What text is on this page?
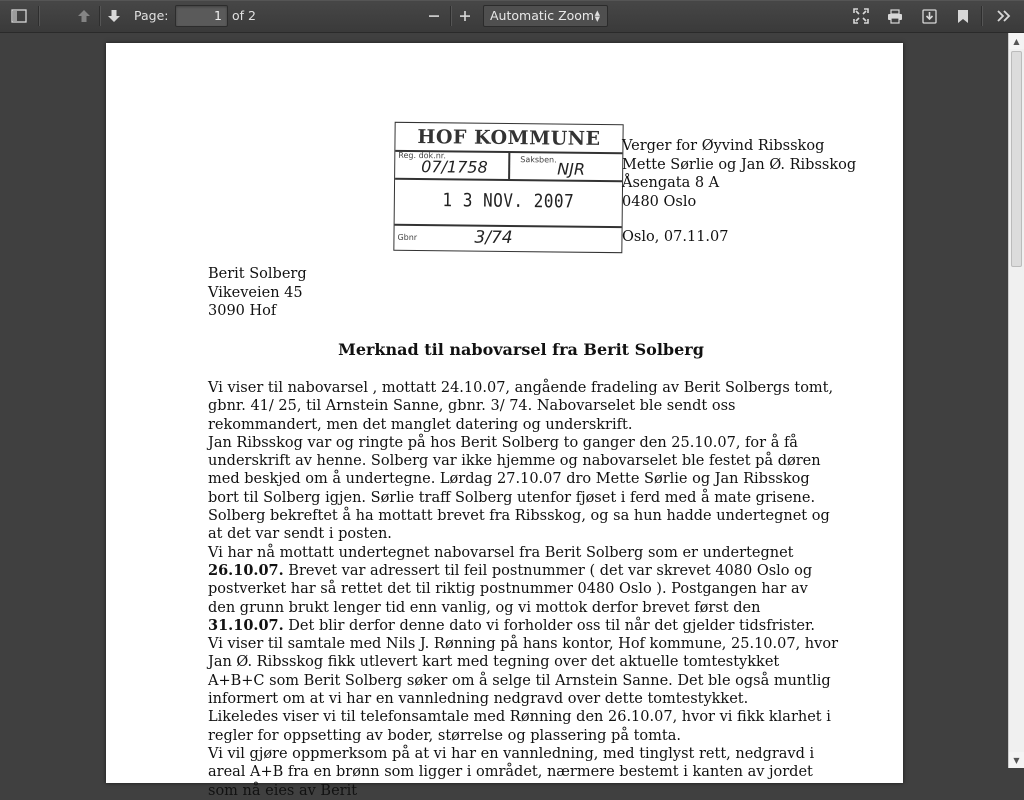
Page:	1 of 2	Automatic Zoom ▲
▼
HOF KOMMUNE
Reg. dok.nr.
07/1758	Saksben. NJR
1 3 NOV. 2007
Gbnr	3/74
Verger for Øyvind Ribsskog
Mette Sørlie og Jan Ø. Ribsskog
Åsengata 8 A
0480 Oslo
Oslo, 07.11.07
Berit Solberg
Vikeveien 45
3090 Hof
Merknad til nabovarsel fra Berit Solberg

Vi viser til nabovarsel , mottatt 24.10.07, angående fradeling av Berit Solbergs tomt, gbnr. 41/ 25, til Arnstein Sanne, gbnr. 3/ 74. Nabovarselet ble sendt oss rekommandert, men det manglet datering og underskrift.

Jan Ribsskog var og ringte på hos Berit Solberg to ganger den 25.10.07, for å få underskrift av henne. Solberg var ikke hjemme og nabovarselet ble festet på døren med beskjed om å undertegne. Lørdag 27.10.07 dro Mette Sørlie og Jan Ribsskog bort til Solberg igjen. Sørlie traff Solberg utenfor fjøset i ferd med å mate grisene. Solberg bekreftet å ha mottatt brevet fra Ribsskog, og sa hun hadde undertegnet og at det var sendt i posten.

Vi har nå mottatt undertegnet nabovarsel fra Berit Solberg som er undertegnet 26.10.07. Brevet var adressert til feil postnummer ( det var skrevet 4080 Oslo og postverket har så rettet det til riktig postnummer 0480 Oslo ). Postgangen har av den grunn brukt lenger tid enn vanlig, og vi mottok derfor brevet først den 31.10.07. Det blir derfor denne dato vi forholder oss til når det gjelder tidsfrister.

Vi viser til samtale med Nils J. Rønning på hans kontor, Hof kommune, 25.10.07, hvor Jan Ø. Ribsskog fikk utlevert kart med tegning over det aktuelle tomtestykket A+B+C som Berit Solberg søker om å selge til Arnstein Sanne. Det ble også muntlig informert om at vi har en vannledning nedgravd over dette tomtestykket.

Likeledes viser vi til telefonsamtale med Rønning den 26.10.07, hvor vi fikk klarhet i regler for oppsetting av boder, størrelse og plassering på tomta.

Vi vil gjøre oppmerksom på at vi har en vannledning, med tinglyst rett, nedgravd i areal A+B fra en brønn som ligger i området, nærmere bestemt i kanten av jordet som nå eies av Berit

▲
▼
